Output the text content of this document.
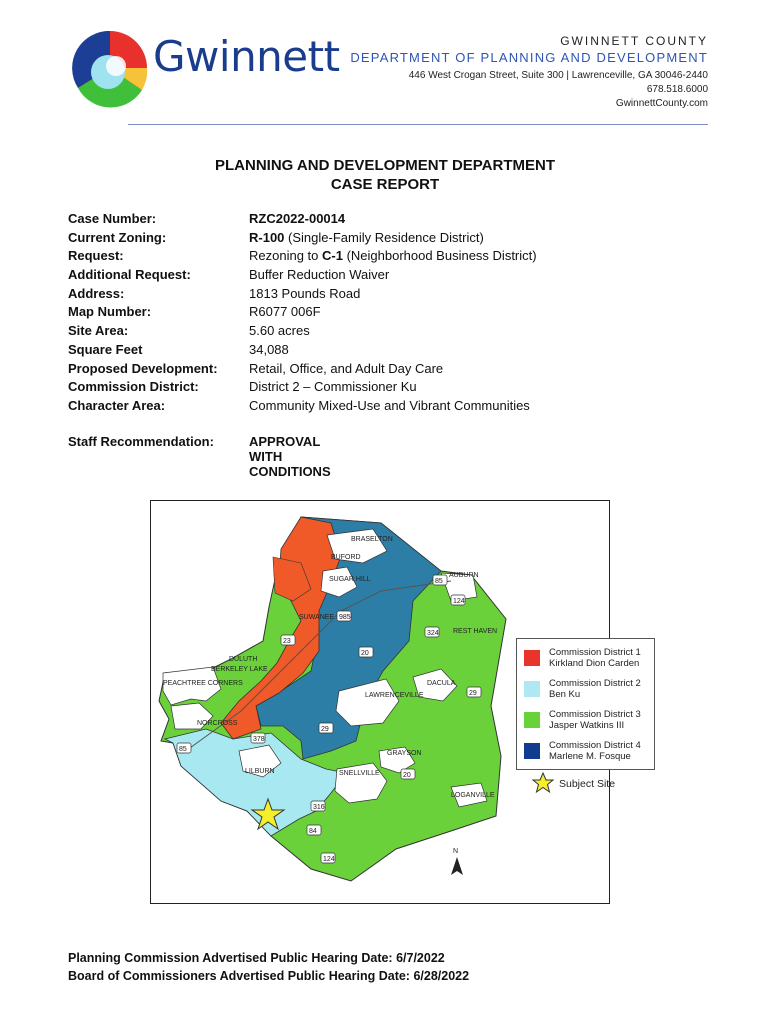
Gwinnett	GWINNETT COUNTY
DEPARTMENT OF PLANNING AND DEVELOPMENT
446 West Crogan Street, Suite 300 | Lawrenceville, GA 30046-2440
678.518.6000
GwinnettCounty.com
PLANNING AND DEVELOPMENT DEPARTMENT
CASE REPORT
Case Number:	RZC2022-00014
Current Zoning:	R-100 (Single-Family Residence District)
Request:	Rezoning to C-1 (Neighborhood Business District)
Additional Request:	Buffer Reduction Waiver
Address:	1813 Pounds Road
Map Number:	R6077 006F
Site Area:	5.60 acres
Square Feet	34,088
Proposed Development:	Retail, Office, and Adult Day Care
Commission District:	District 2 – Commissioner Ku
Character Area:	Community Mixed-Use and Vibrant Communities
Staff Recommendation:	APPROVAL WITH CONDITIONS
BRASELTON
BUFORD
SUGAR HILL
AUBURN
SUWANEE
DULUTH
BERKELEY LAKE
PEACHTREE CORNERS
NORCROSS
LAWRENCEVILLE
DACULA
GRAYSON
SNELLVILLE
LOGANVILLE
LILBURN
REST HAVEN
85
985
85
124
324
20
23
29
29
378
20
316
84
124
N
Commission District 1
Kirkland Dion Carden
Commission District 2
Ben Ku
Commission District 3
Jasper Watkins III
Commission District 4
Marlene M. Fosque
Subject Site
Planning Commission Advertised Public Hearing Date: 6/7/2022
Board of Commissioners Advertised Public Hearing Date: 6/28/2022
